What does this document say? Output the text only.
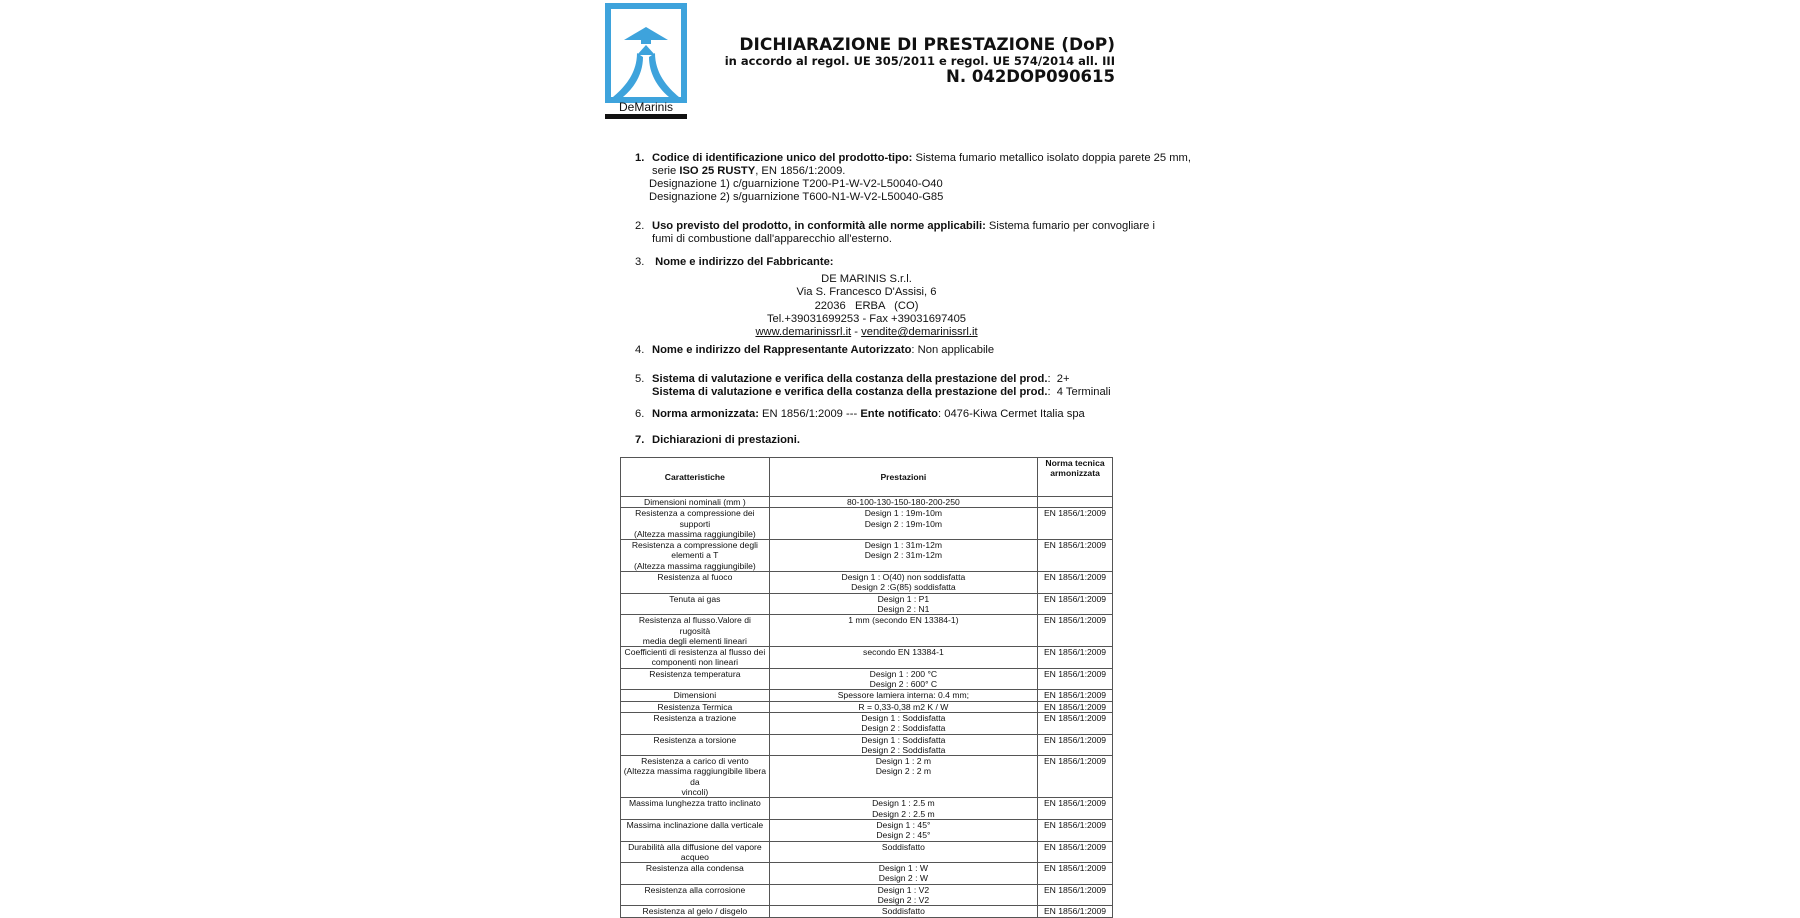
DeMarinis
DICHIARAZIONE DI PRESTAZIONE (DoP)
in accordo al regol. UE 305/2011 e regol. UE 574/2014 all. III
N. 042DOP090615
1. Codice di identificazione unico del prodotto-tipo: Sistema fumario metallico isolato doppia parete 25 mm,
serie ISO 25 RUSTY, EN 1856/1:2009.
Designazione 1) c/guarnizione T200-P1-W-V2-L50040-O40
Designazione 2) s/guarnizione T600-N1-W-V2-L50040-G85
2. Uso previsto del prodotto, in conformità alle norme applicabili: Sistema fumario per convogliare i
fumi di combustione dall'apparecchio all'esterno.
3. Nome e indirizzo del Fabbricante:
DE MARINIS S.r.l.
Via S. Francesco D'Assisi, 6
22036   ERBA   (CO)
Tel.+39031699253 - Fax +39031697405
www.demarinissrl.it - vendite@demarinissrl.it
4. Nome e indirizzo del Rappresentante Autorizzato: Non applicabile
5. Sistema di valutazione e verifica della costanza della prestazione del prod.:  2+
Sistema di valutazione e verifica della costanza della prestazione del prod.:  4 Terminali
6. Norma armonizzata: EN 1856/1:2009 --- Ente notificato: 0476-Kiwa Cermet Italia spa
7. Dichiarazioni di prestazioni.
Caratteristiche	Prestazioni	Norma tecnica armonizzata
Dimensioni nominali (mm )	80-100-130-150-180-200-250	
Resistenza a compressione dei supporti
(Altezza massima raggiungibile)	Design 1 : 19m-10m
Design 2 : 19m-10m	EN 1856/1:2009
Resistenza a compressione degli
elementi a T
(Altezza massima raggiungibile)	Design 1 : 31m-12m
Design 2 : 31m-12m	EN 1856/1:2009
Resistenza al fuoco	Design 1 : O(40) non soddisfatta
Design 2 :G(85) soddisfatta	EN 1856/1:2009
Tenuta ai gas	Design 1 : P1
Design 2 : N1	EN 1856/1:2009
Resistenza al flusso.Valore di rugosità
media degli elementi lineari	1 mm (secondo EN 13384-1)	EN 1856/1:2009
Coefficienti di resistenza al flusso dei
componenti non lineari	secondo EN 13384-1	EN 1856/1:2009
Resistenza temperatura	Design 1 : 200 °C
Design 2 : 600° C	EN 1856/1:2009
Dimensioni	Spessore lamiera interna: 0.4 mm;	EN 1856/1:2009
Resistenza Termica	R = 0,33-0,38 m2 K / W	EN 1856/1:2009
Resistenza a trazione	Design 1 : Soddisfatta
Design 2 : Soddisfatta	EN 1856/1:2009
Resistenza a torsione	Design 1 : Soddisfatta
Design 2 : Soddisfatta	EN 1856/1:2009
Resistenza a carico di vento
(Altezza massima raggiungibile libera da
vincoli)	Design 1 : 2 m
Design 2 : 2 m	EN 1856/1:2009
Massima lunghezza tratto inclinato	Design 1 : 2.5 m
Design 2 : 2.5 m	EN 1856/1:2009
Massima inclinazione dalla verticale	Design 1 : 45°
Design 2 : 45°	EN 1856/1:2009
Durabilità alla diffusione del vapore
acqueo	Soddisfatto	EN 1856/1:2009
Resistenza alla condensa	Design 1 : W
Design 2 : W	EN 1856/1:2009
Resistenza alla corrosione	Design 1 : V2
Design 2 : V2	EN 1856/1:2009
Resistenza al gelo / disgelo	Soddisfatto	EN 1856/1:2009
